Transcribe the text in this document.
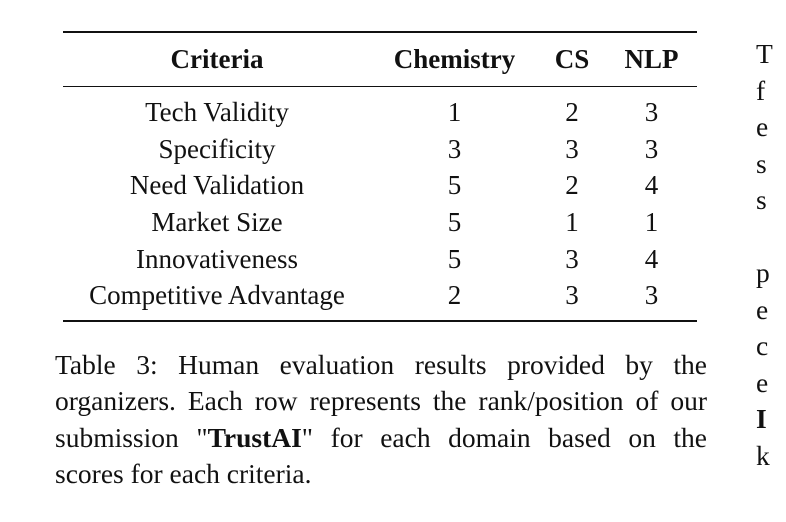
Criteria	Chemistry	CS	NLP
Tech Validity	1	2	3
Specificity	3	3	3
Need Validation	5	2	4
Market Size	5	1	1
Innovativeness	5	3	4
Competitive Advantage	2	3	3
Table 3: Human evaluation results provided by the organizers. Each row represents the rank/position of our submission "TrustAI" for each domain based on the scores for each criteria.
T
f
e
s
s
p
e
c
e
I
k
